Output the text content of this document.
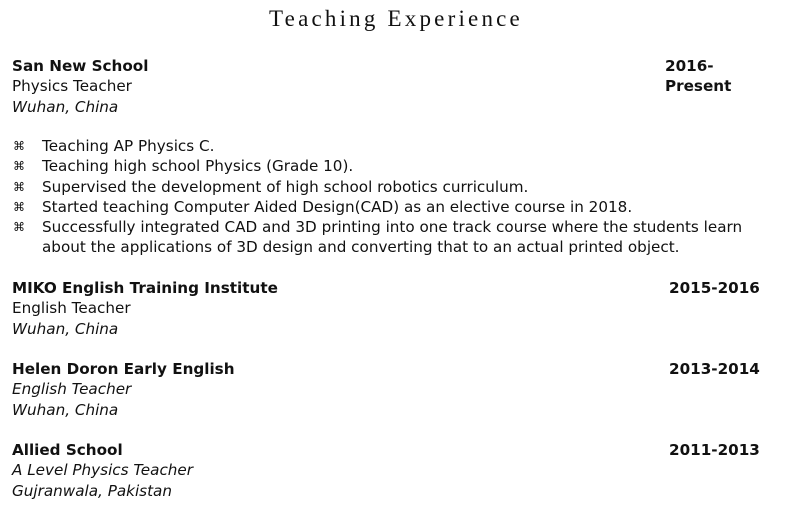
Teaching Experience
San New School	2016-Present
Physics Teacher
Wuhan, China
⌘ Teaching AP Physics C.
⌘ Teaching high school Physics (Grade 10).
⌘ Supervised the development of high school robotics curriculum.
⌘ Started teaching Computer Aided Design(CAD) as an elective course in 2018.
⌘ Successfully integrated CAD and 3D printing into one track course where the students learn about the applications of 3D design and converting that to an actual printed object.
MIKO English Training Institute	2015-2016
English Teacher
Wuhan, China
Helen Doron Early English	2013-2014
English Teacher
Wuhan, China
Allied School	2011-2013
A Level Physics Teacher
Gujranwala, Pakistan
